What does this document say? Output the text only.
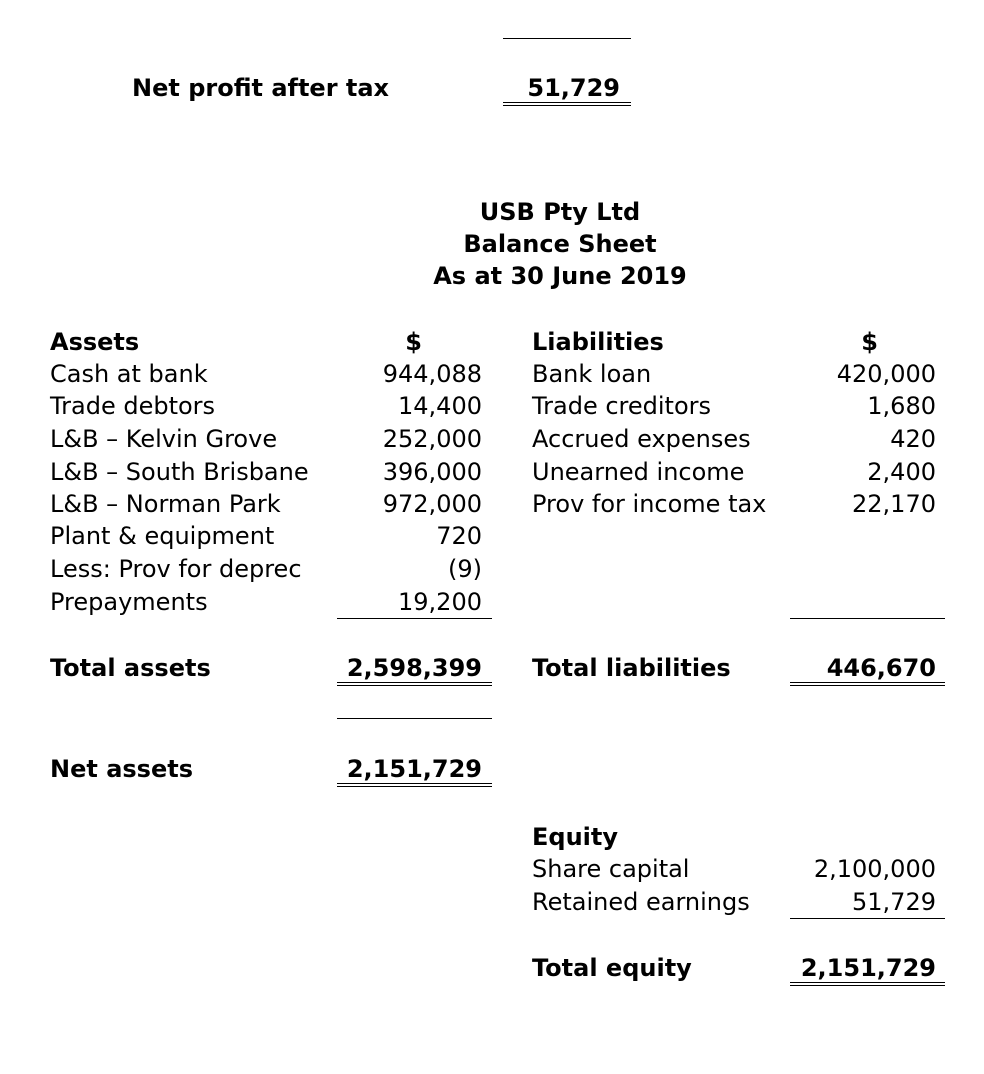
Net profit after tax	51,729
USB Pty Ltd
Balance Sheet
As at 30 June 2019
Assets	$
Cash at bank	944,088
Trade debtors	14,400
L&B – Kelvin Grove	252,000
L&B – South Brisbane	396,000
L&B – Norman Park	972,000
Plant & equipment	720
Less: Prov for deprec	(9)
Prepayments	19,200
Total assets	2,598,399
Net assets	2,151,729
Liabilities	$
Bank loan	420,000
Trade creditors	1,680
Accrued expenses	420
Unearned income	2,400
Prov for income tax	22,170
Total liabilities	446,670
Equity
Share capital	2,100,000
Retained earnings	51,729
Total equity	2,151,729
